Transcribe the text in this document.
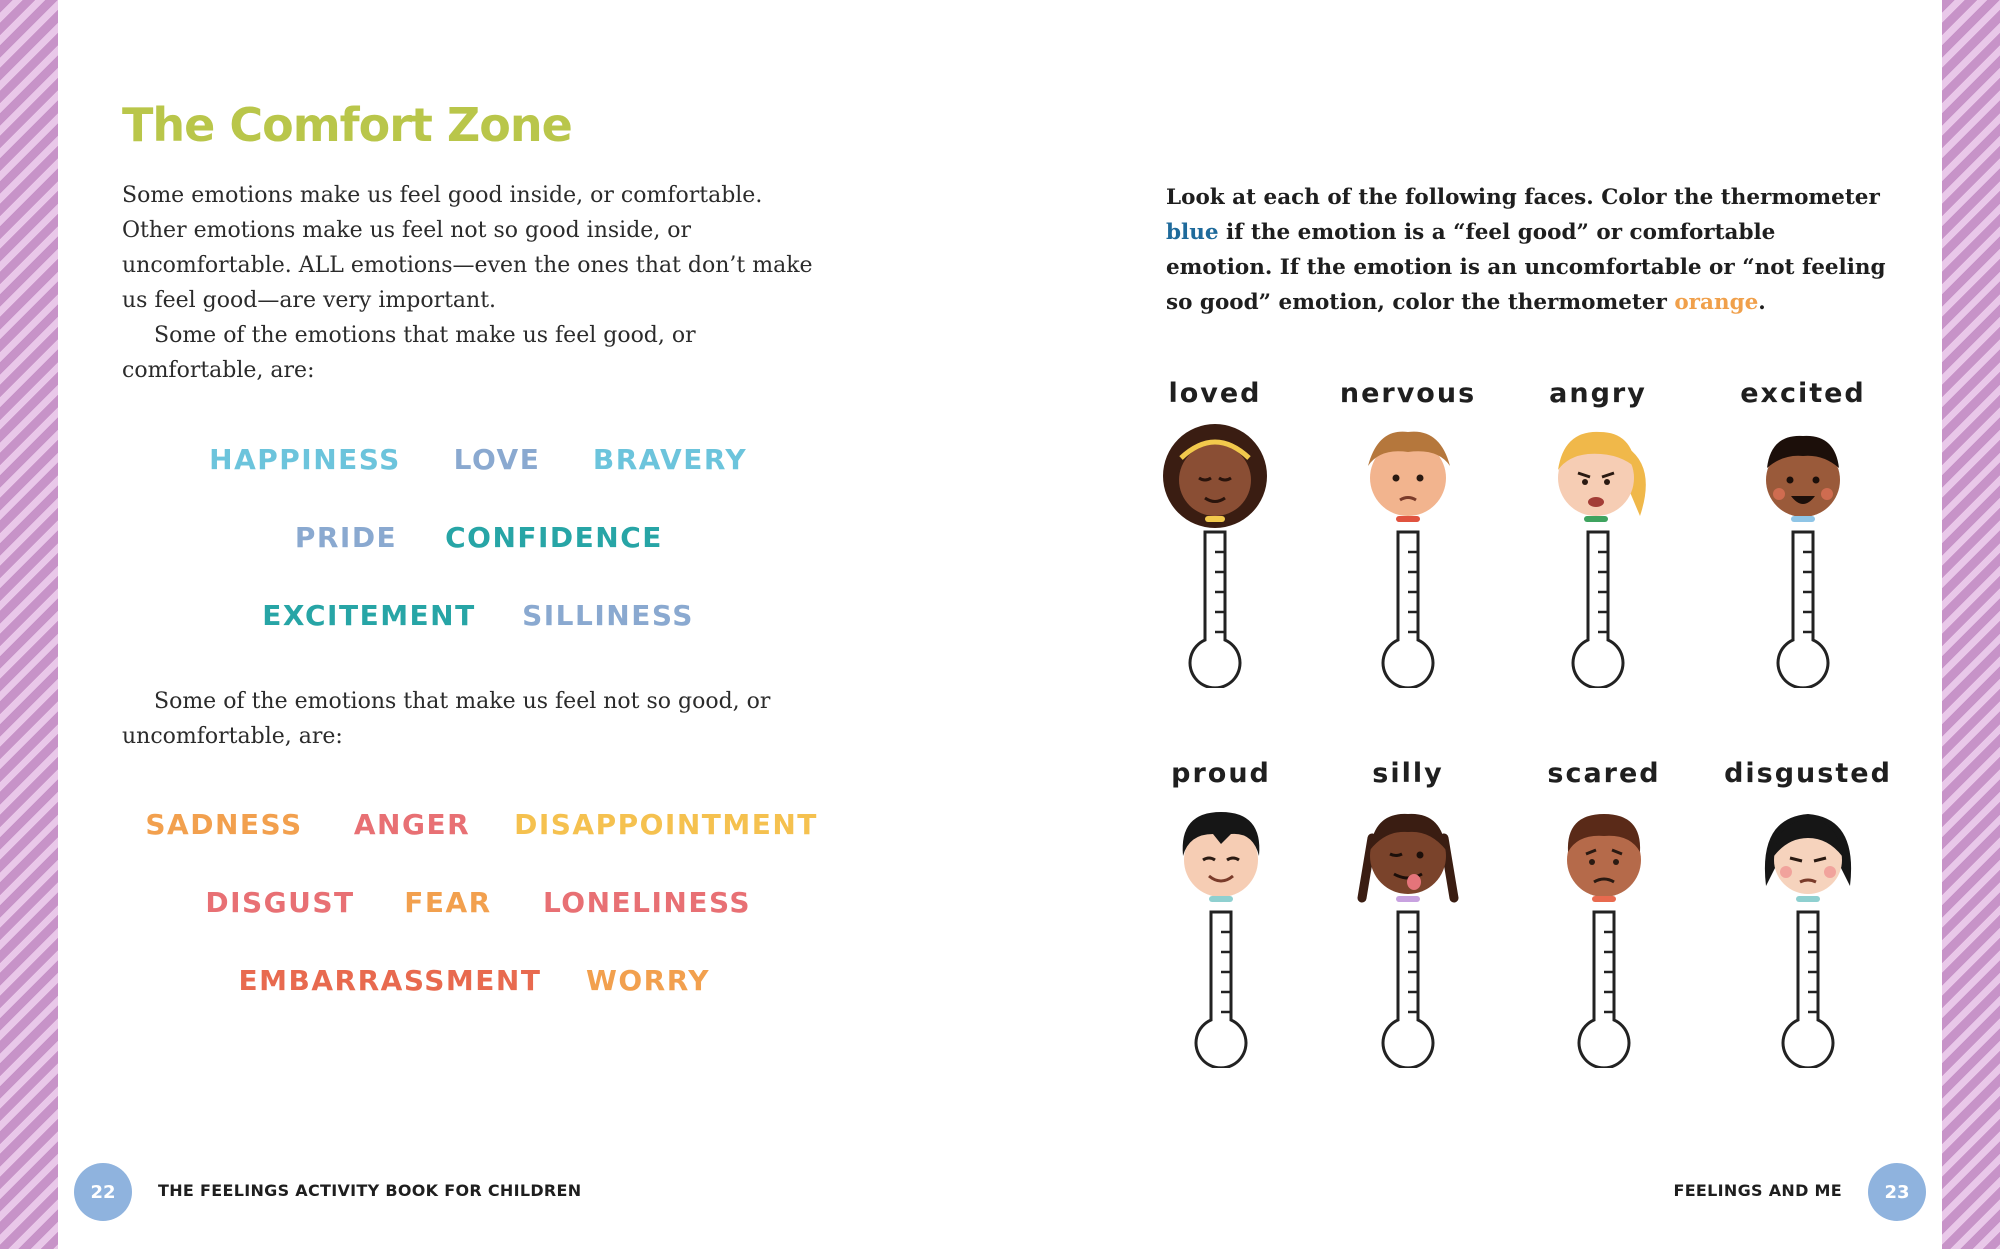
The Comfort Zone

Some emotions make us feel good inside, or comfortable. Other emotions make us feel not so good inside, or uncomfortable. ALL emotions—even the ones that don’t make us feel good—are very important.
Some of the emotions that make us feel good, or comfortable, are:

HAPPINESS LOVE BRAVERY
PRIDE CONFIDENCE
EXCITEMENT SILLINESS

Some of the emotions that make us feel not so good, or uncomfortable, are:

SADNESS ANGER DISAPPOINTMENT
DISGUST FEAR LONELINESS
EMBARRASSMENT WORRY
22	THE FEELINGS ACTIVITY BOOK FOR CHILDREN

Look at each of the following faces. Color the thermometer blue if the emotion is a “feel good” or comfortable emotion. If the emotion is an uncomfortable or “not feeling so good” emotion, color the thermometer orange.

loved	nervous	angry	excited
proud	silly	scared	disgusted
FEELINGS AND ME	23
